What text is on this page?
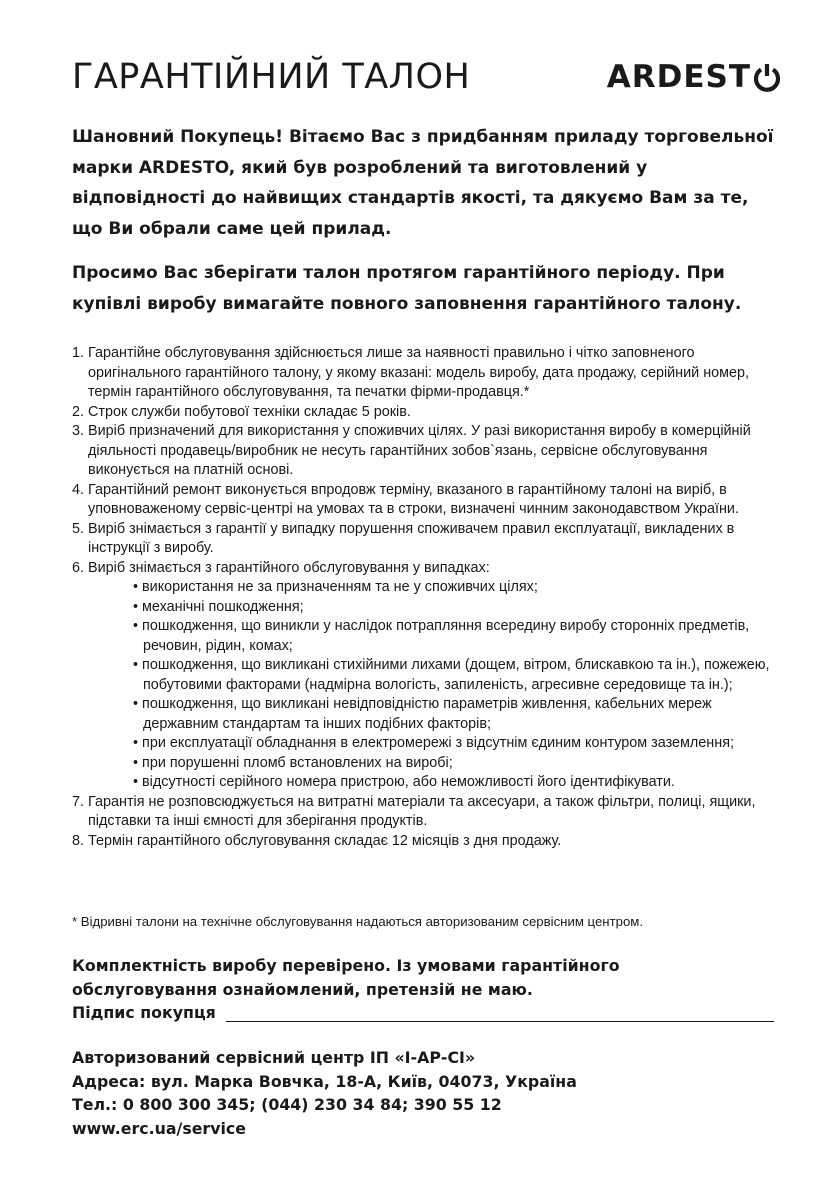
ГАРАНТІЙНИЙ ТАЛОН	ARDEST

Шановний Покупець! Вітаємо Вас з придбанням приладу торговельної марки ARDESTO, який був розроблений та виготовлений у відповідності до найвищих стандартів якості, та дякуємо Вам за те, що Ви обрали саме цей прилад.

Просимо Вас зберігати талон протягом гарантійного періоду. При купівлі виробу вимагайте повного заповнення гарантійного талону.

1. Гарантійне обслуговування здійснюється лише за наявності правильно і чітко заповненого оригінального гарантійного талону, у якому вказані: модель виробу, дата продажу, серійний номер, термін гарантійного обслуговування, та печатки фірми-продавця.*
2. Строк служби побутової техніки складає 5 років.
3. Виріб призначений для використання у споживчих цілях. У разі використання виробу в комерційній діяльності продавець/виробник не несуть гарантійних зобов`язань, сервісне обслуговування виконується на платній основі.
4. Гарантійний ремонт виконується впродовж терміну, вказаного в гарантійному талоні на виріб, в уповноваженому сервіс-центрі на умовах та в строки, визначені чинним законодавством України.
5. Виріб знімається з гарантії у випадку порушення споживачем правил експлуатації, викладених в інструкції з виробу.
6. Виріб знімається з гарантійного обслуговування у випадках:
• використання не за призначенням та не у споживчих цілях;
• механічні пошкодження;
• пошкодження, що виникли у наслідок потрапляння всередину виробу сторонніх предметів, речовин, рідин, комах;
• пошкодження, що викликані стихійними лихами (дощем, вітром, блискавкою та ін.), пожежею, побутовими факторами (надмірна вологість, запиленість, агресивне середовище та ін.);
• пошкодження, що викликані невідповідністю параметрів живлення, кабельних мереж державним стандартам та інших подібних факторів;
• при експлуатації обладнання в електромережі з відсутнім єдиним контуром заземлення;
• при порушенні пломб встановлених на виробі;
• відсутності серійного номера пристрою, або неможливості його ідентифікувати.
7. Гарантія не розповсюджується на витратні матеріали та аксесуари, а також фільтри, полиці, ящики, підставки та інші ємності для зберігання продуктів.
8. Термін гарантійного обслуговування складає 12 місяців з дня продажу.

* Відривні талони на технічне обслуговування надаються авторизованим сервісним центром.

Комплектність виробу перевірено. Із умовами гарантійного
обслуговування ознайомлений, претензій не маю.
Підпис покупця
Авторизований сервісний центр ІП «І-АР-СІ»
Адреса: вул. Марка Вовчка, 18-А, Київ, 04073, Україна
Тел.: 0 800 300 345; (044) 230 34 84; 390 55 12
www.erc.ua/service
